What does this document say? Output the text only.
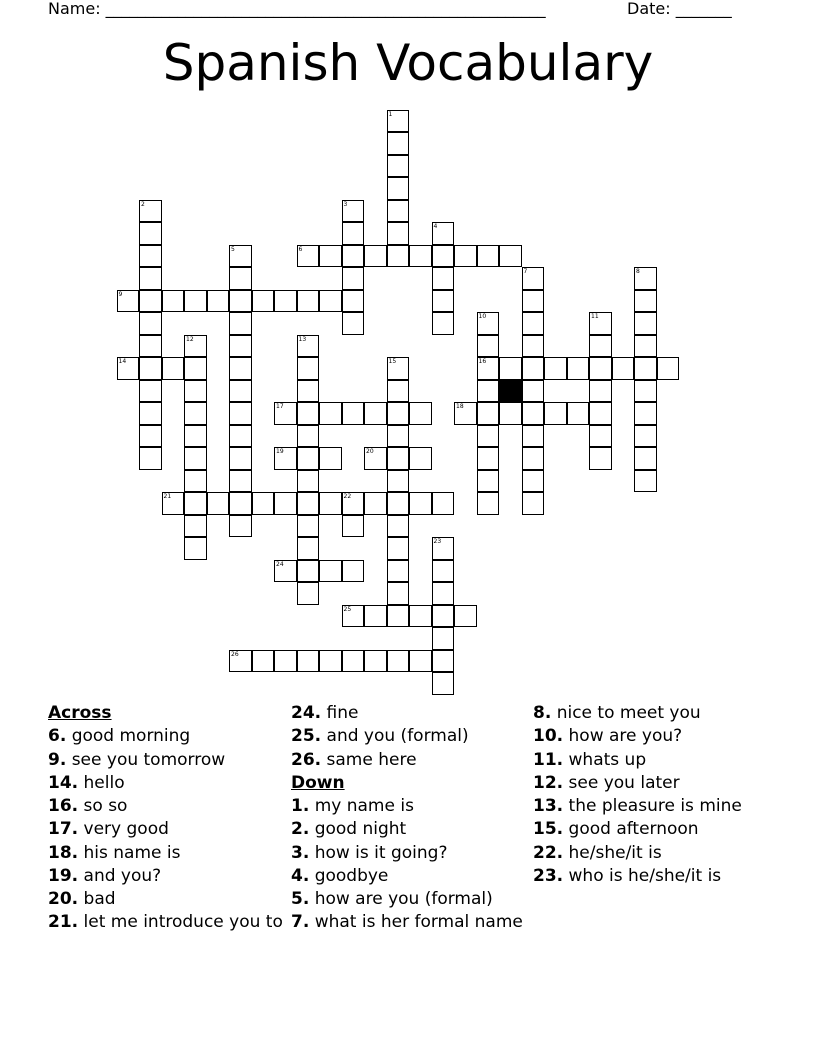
Name: _______________________________________________________	Date: _______
Spanish Vocabulary
1
2	3
4
5	6
7	8
9
10
16
11
12	13
14	15
17	18
19	20
21	22
23
24
25
26
Across
6. good morning
9. see you tomorrow
14. hello
16. so so
17. very good
18. his name is
19. and you?
20. bad
21. let me introduce you to
24. fine
25. and you (formal)
26. same here
Down
1. my name is
2. good night
3. how is it going?
4. goodbye
5. how are you (formal)
7. what is her formal name
8. nice to meet you
10. how are you?
11. whats up
12. see you later
13. the pleasure is mine
15. good afternoon
22. he/she/it is
23. who is he/she/it is
